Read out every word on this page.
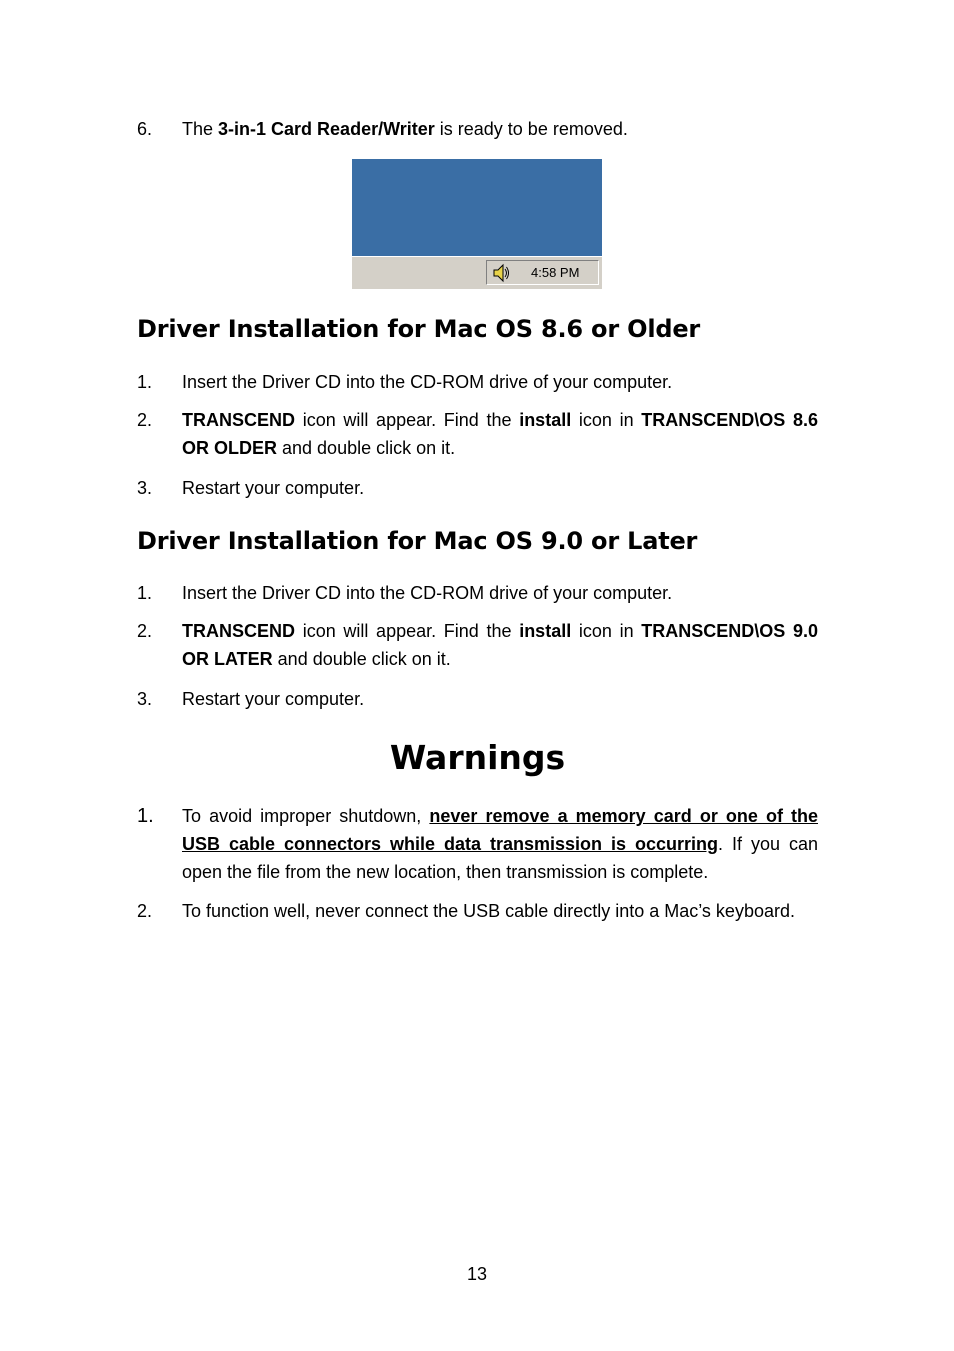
6.	The 3-in-1 Card Reader/Writer is ready to be removed.
Driver Installation for Mac OS 8.6 or Older
1.	Insert the Driver CD into the CD-ROM drive of your computer.
2.	TRANSCEND icon will appear. Find the install icon in TRANSCEND\OS 8.6 OR OLDER and double click on it.
3.	Restart your computer.
Driver Installation for Mac OS 9.0 or Later
1.	Insert the Driver CD into the CD-ROM drive of your computer.
2.	TRANSCEND icon will appear. Find the install icon in TRANSCEND\OS 9.0 OR LATER and double click on it.
3.	Restart your computer.
Warnings
1.	To avoid improper shutdown, never remove a memory card or one of the USB cable connectors while data transmission is occurring. If you can open the file from the new location, then transmission is complete.
2.	To function well, never connect the USB cable directly into a Mac’s keyboard.
4:58 PM
13
